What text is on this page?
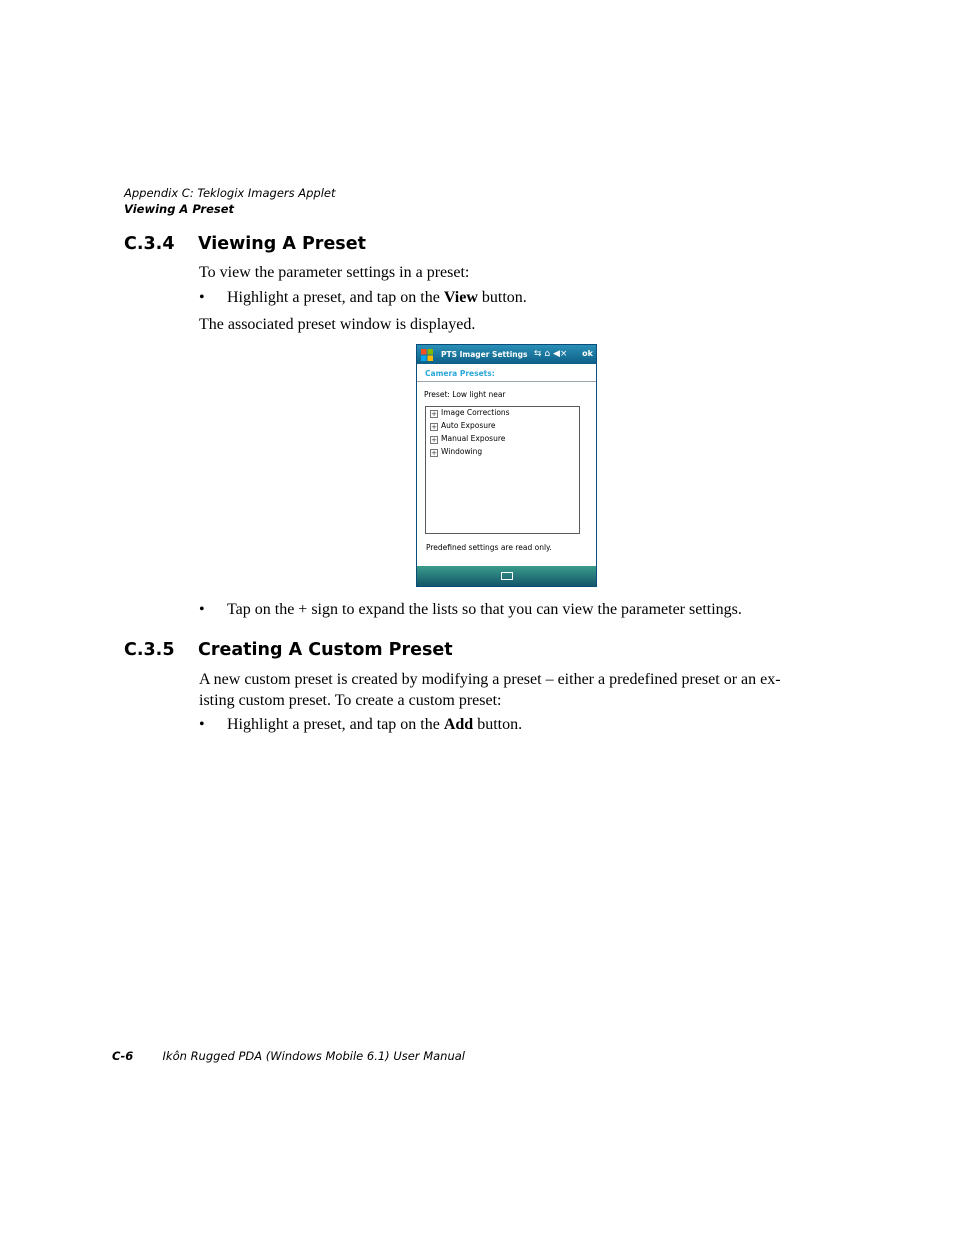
Appendix C: Teklogix Imagers Applet
Viewing A Preset
C.3.4 Viewing A Preset
To view the parameter settings in a preset:
• Highlight a preset, and tap on the View button.
The associated preset window is displayed.
PTS Imager Settings ⇆ ⌂ ◀× ok
Camera Presets:
Preset: Low light near
+ Image Corrections
+ Auto Exposure
+ Manual Exposure
+ Windowing
Predefined settings are read only.
• Tap on the + sign to expand the lists so that you can view the parameter settings.
C.3.5 Creating A Custom Preset
A new custom preset is created by modifying a preset – either a predefined preset or an ex-
isting custom preset. To create a custom preset:
• Highlight a preset, and tap on the Add button.
C-6	Ikôn Rugged PDA (Windows Mobile 6.1) User Manual
